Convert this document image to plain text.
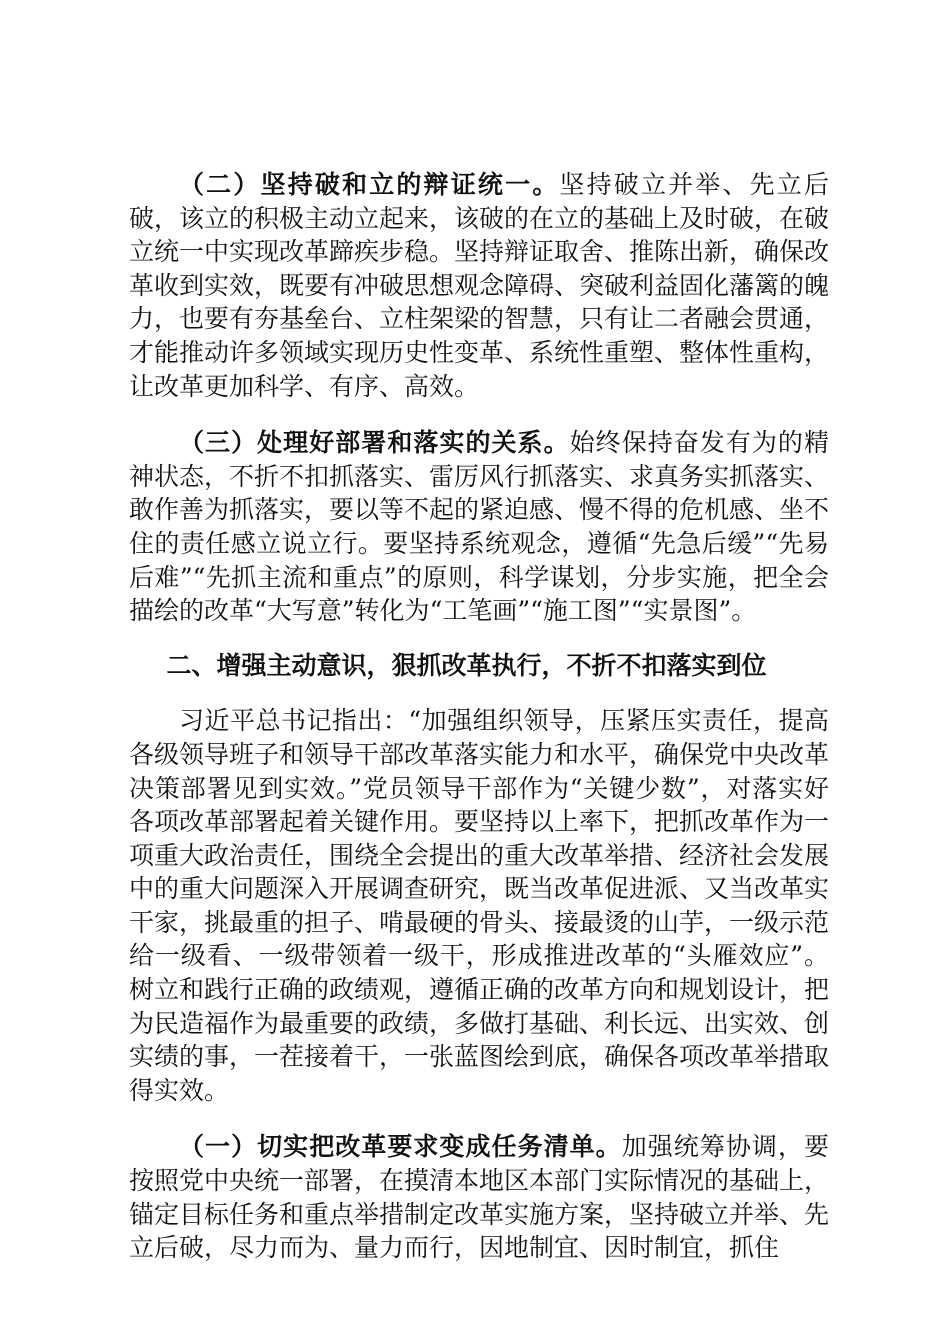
（二）坚持破和立的辩证统一。坚持破立并举、先立后破，该立的积极主动立起来，该破的在立的基础上及时破，在破立统一中实现改革蹄疾步稳。坚持辩证取舍、推陈出新，确保改革收到实效，既要有冲破思想观念障碍、突破利益固化藩篱的魄力，也要有夯基垒台、立柱架梁的智慧，只有让二者融会贯通，才能推动许多领域实现历史性变革、系统性重塑、整体性重构，让改革更加科学、有序、高效。

（三）处理好部署和落实的关系。始终保持奋发有为的精神状态，不折不扣抓落实、雷厉风行抓落实、求真务实抓落实、敢作善为抓落实，要以等不起的紧迫感、慢不得的危机感、坐不住的责任感立说立行。要坚持系统观念，遵循“先急后缓”“先易后难”“先抓主流和重点”的原则，科学谋划，分步实施，把全会描绘的改革“大写意”转化为“工笔画”“施工图”“实景图”。

二、增强主动意识，狠抓改革执行，不折不扣落实到位

习近平总书记指出：“加强组织领导，压紧压实责任，提高各级领导班子和领导干部改革落实能力和水平，确保党中央改革决策部署见到实效。”党员领导干部作为“关键少数”，对落实好各项改革部署起着关键作用。要坚持以上率下，把抓改革作为一项重大政治责任，围绕全会提出的重大改革举措、经济社会发展中的重大问题深入开展调查研究，既当改革促进派、又当改革实干家，挑最重的担子、啃最硬的骨头、接最烫的山芋，一级示范给一级看、一级带领着一级干，形成推进改革的“头雁效应”。树立和践行正确的政绩观，遵循正确的改革方向和规划设计，把为民造福作为最重要的政绩，多做打基础、利长远、出实效、创实绩的事，一茬接着干，一张蓝图绘到底，确保各项改革举措取得实效。

（一）切实把改革要求变成任务清单。加强统筹协调，要按照党中央统一部署，在摸清本地区本部门实际情况的基础上，锚定目标任务和重点举措制定改革实施方案，坚持破立并举、先立后破，尽力而为、量力而行，因地制宜、因时制宜，抓住
